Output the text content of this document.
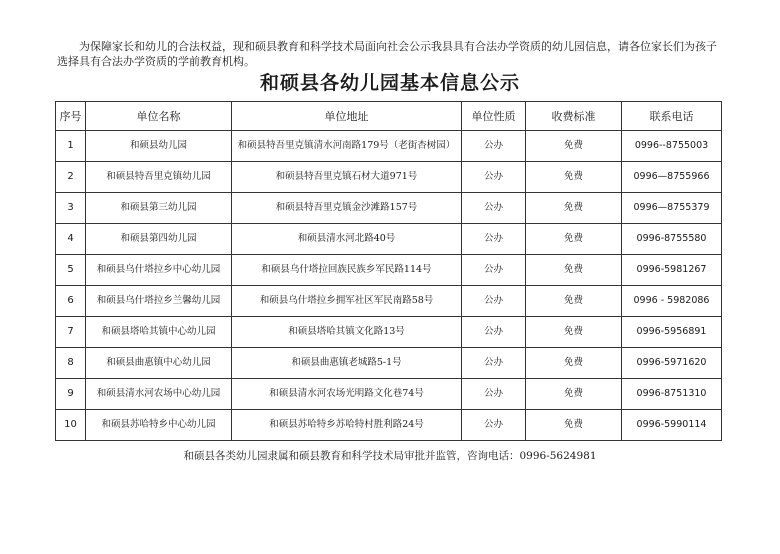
为保障家长和幼儿的合法权益，现和硕县教育和科学技术局面向社会公示我县具有合法办学资质的幼儿园信息，请各位家长们为孩子选择具有合法办学资质的学前教育机构。
和硕县各幼儿园基本信息公示
序号	单位名称	单位地址	单位性质	收费标准	联系电话
1	和硕县幼儿园	和硕县特吾里克镇清水河南路179号（老街杏树园）	公办	免费	0996--8755003
2	和硕县特吾里克镇幼儿园	和硕县特吾里克镇石材大道971号	公办	免费	0996—8755966
3	和硕县第三幼儿园	和硕县特吾里克镇金沙滩路157号	公办	免费	0996—8755379
4	和硕县第四幼儿园	和硕县清水河北路40号	公办	免费	0996-8755580
5	和硕县乌什塔拉乡中心幼儿园	和硕县乌什塔拉回族民族乡军民路114号	公办	免费	0996-5981267
6	和硕县乌什塔拉乡兰馨幼儿园	和硕县乌什塔拉乡拥军社区军民南路58号	公办	免费	0996 - 5982086
7	和硕县塔哈其镇中心幼儿园	和硕县塔哈其镇文化路13号	公办	免费	0996-5956891
8	和硕县曲惠镇中心幼儿园	和硕县曲惠镇老城路5-1号	公办	免费	0996-5971620
9	和硕县清水河农场中心幼儿园	和硕县清水河农场光明路文化巷74号	公办	免费	0996-8751310
10	和硕县苏哈特乡中心幼儿园	和硕县苏哈特乡苏哈特村胜利路24号	公办	免费	0996-5990114
和硕县各类幼儿园隶属和硕县教育和科学技术局审批并监管，咨询电话：0996-5624981
